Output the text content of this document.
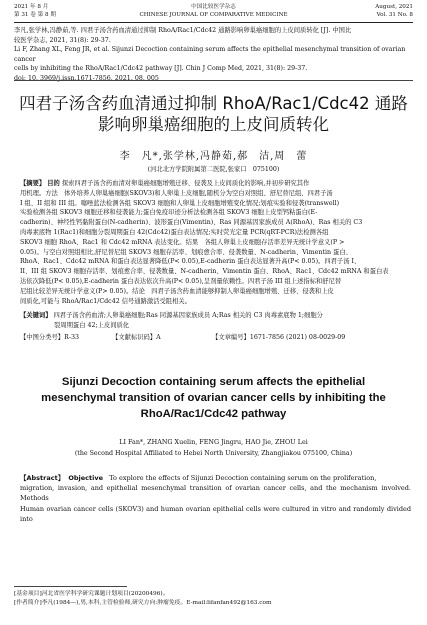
2021 年 8 月	中国比较医学杂志	August, 2021
第 31 卷 第 8 期	CHINESE JOURNAL OF COMPARATIVE MEDICINE	Vol. 31 No. 8
李凡,张学林,冯静茹,等. 四君子汤含药血清通过抑制 RhoA/Rac1/Cdc42 通路影响卵巢癌细胞的上皮间质转化 [J]. 中国比
较医学杂志, 2021, 31(8): 29-37.
Li F, Zhang XL, Feng JR, et al. Sijunzi Decoction containing serum affects the epithelial mesenchymal transition of ovarian cancer
cells by inhibiting the RhoA/Rac1/Cdc42 pathway [J]. Chin J Comp Med, 2021, 31(8): 29-37.
doi: 10. 3969/j.issn.1671-7856. 2021. 08. 005
四君子汤含药血清通过抑制 RhoA/Rac1/Cdc42 通路
影响卵巢癌细胞的上皮间质转化
李　凡*,张学林,冯静茹,郝　洁,周　蕾
(河北北方学院附属第二医院,张家口　075100)
【摘要】 目的 探索四君子汤含药血清对卵巢癌细胞增殖迁移、侵袭及上皮间质化的影响,并初步研究其作
用机理。方法　体外培养人卵巢癌细胞(SKOV3)和人卵巢上皮细胞,随机分为空白对照组、舒尼替尼组、四君子汤
I 组、II 组和 III 组。噻唑蓝法检测各组 SKOV3 细胞和人卵巢上皮细胞增殖变化情况;划痕实验和侵袭(transwell)
实验检测各组 SKOV3 细胞迁移和侵袭能力;蛋白免疫印迹分析法检测各组 SKOV3 细胞上皮型钙粘蛋白(E-
cadherin)、神经性钙黏附蛋白(N-cadherin)、波形蛋白(Vimentin)、Ras 同源基因家族成员 A(RhoA)、Ras 相关的 C3
肉毒素底物 1(Rac1)和细胞分裂周期蛋白 42(Cdc42)蛋白表达情况;实时荧光定量 PCR(qRT-PCR)法检测各组
SKOV3 细胞 RhoA、Rac1 和 Cdc42 mRNA 表达变化。结果　各组人卵巢上皮细胞存活率差异无统计学意义(P >
0.05)。与空白对照组相比,舒尼替尼组 SKOV3 细胞存活率、划痕愈合率、侵袭数量、N-cadherin、Vimentin 蛋白、
RhoA、Rac1、Cdc42 mRNA 和蛋白表达显著降低(P< 0.05),E-cadherin 蛋白表达显著升高(P< 0.05)。四君子汤 I、
II、III 组 SKOV3 细胞存活率、划痕愈合率、侵袭数量、N-cadherin、Vimentin 蛋白、RhoA、Rac1、Cdc42 mRNA 和蛋白表
达依次降低(P< 0.05),E-cadherin 蛋白表达依次升高(P< 0.05),呈剂量依赖性。四君子汤 III 组上述指标和舒尼替
尼组比较差异无统计学意义(P> 0.05)。结论　四君子汤含药血清能够抑制人卵巢癌细胞增殖、迁移、侵袭和上皮
间质化,可能与 RhoA/Rac1/Cdc42 信号通路激活受阻相关。
【关键词】 四君子汤含药血清;人卵巢癌细胞;Ras 同源基因家族成员 A;Ras 相关的 C3 肉毒素底物 1;细胞分
裂周期蛋白 42;上皮间质化
【中图分类号】R-33	【文献标识码】A	【文章编号】1671-7856 (2021) 08-0029-09
Sijunzi Decoction containing serum affects the epithelial
mesenchymal transition of ovarian cancer cells by inhibiting the
RhoA/Rac1/Cdc42 pathway
LI Fan*, ZHANG Xuelin, FENG Jingru, HAO Jie, ZHOU Lei
(the Second Hospital Affiliated to Hebei North University, Zhangjiakou 075100, China)
【Abstract】 Objective To explore the effects of Sijunzi Decoction containing serum on the proliferation,
migration, invasion, and epithelial mesenchymal transition of ovarian cancer cells, and the mechanism involved. Methods
Human ovarian cancer cells (SKOV3) and human ovarian epithelial cells were cultured in vitro and randomly divided into
[基金项目]河北省医学科学研究课题计划项目(20200496)。
[作者简介]李凡(1984—),男,本科,主管检验师,研究方向:肿瘤免疫。E-mail:lifanfan492@163.com
